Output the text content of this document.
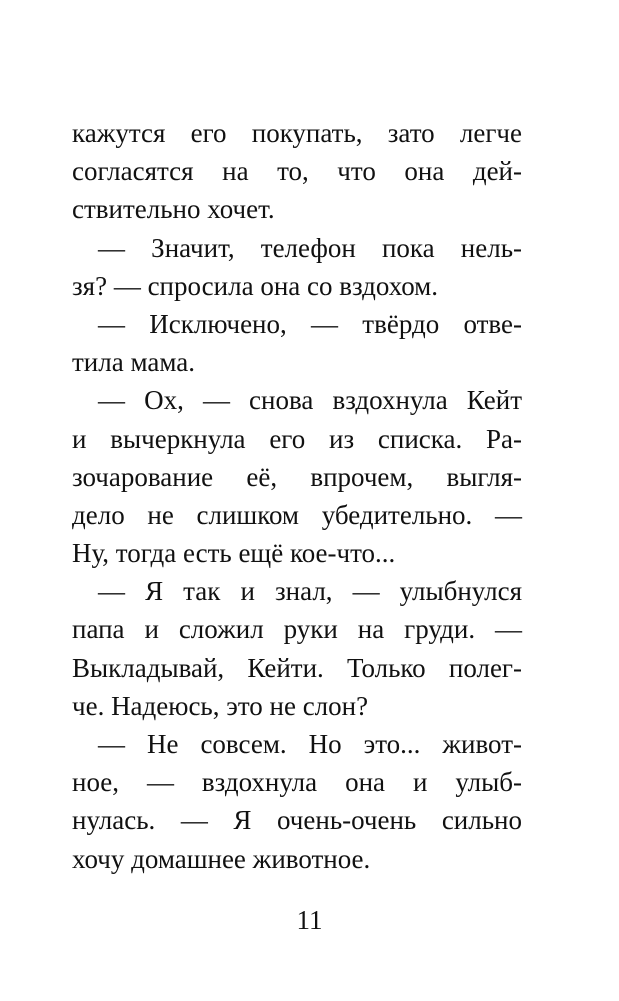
кажутся его покупать, зато легче
согласятся на то, что она дей-
ствительно хочет.
— Значит, телефон пока нель-
зя? — спросила она со вздохом.
— Исключено, — твёрдо отве-
тила мама.
— Ох, — снова вздохнула Кейт
и вычеркнула его из списка. Ра-
зочарование её, впрочем, выгля-
дело не слишком убедительно. —
Ну, тогда есть ещё кое-что...
— Я так и знал, — улыбнулся
папа и сложил руки на груди. —
Выкладывай, Кейти. Только полег-
че. Надеюсь, это не слон?
— Не совсем. Но это... живот-
ное, — вздохнула она и улыб-
нулась. — Я очень-очень сильно
хочу домашнее животное.
11
